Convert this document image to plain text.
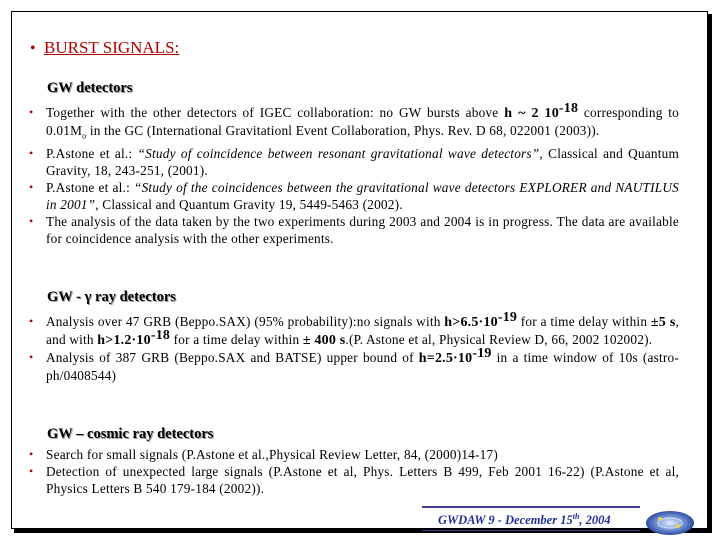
• BURST SIGNALS:
GW detectors
• Together with the other detectors of IGEC collaboration: no GW bursts above h ~ 2 $10^{-18}$ corresponding to $0.01M_o$ in the GC (International Gravitationl Event Collaboration, Phys. Rev. D 68, 022001 (2003)).
• P.Astone et al.: “Study of coincidence between resonant gravitational wave detectors”, Classical and Quantum Gravity, 18, 243-251, (2001).
• P.Astone et al.: “Study of the coincidences between the gravitational wave detectors EXPLORER and NAUTILUS in 2001”, Classical and Quantum Gravity 19, 5449-5463 (2002).
• The analysis of the data taken by the two experiments during 2003 and 2004 is in progress. The data are available for coincidence analysis with the other experiments.
GW - γ ray detectors
• Analysis over 47 GRB (Beppo.SAX) (95% probability):no signals with $h>6.5\cdot 10^{-19}$ for a time delay within ±5 s, and with $h>1.2\cdot 10^{-18}$ for a time delay within ± 400 s.(P. Astone et al, Physical Review D, 66, 2002 102002).
• Analysis of 387 GRB (Beppo.SAX and BATSE) upper bound of $h=2.5\cdot 10^{-19}$ in a time window of 10s (astro-ph/0408544)
GW – cosmic ray detectors
• Search for small signals (P.Astone et al.,Physical Review Letter, 84, (2000)14-17)
• Detection of unexpected large signals (P.Astone et al, Phys. Letters B 499, Feb 2001 16-22) (P.Astone et al, Physics Letters B 540 179-184 (2002)).
GWDAW 9 - December 15th, 2004
